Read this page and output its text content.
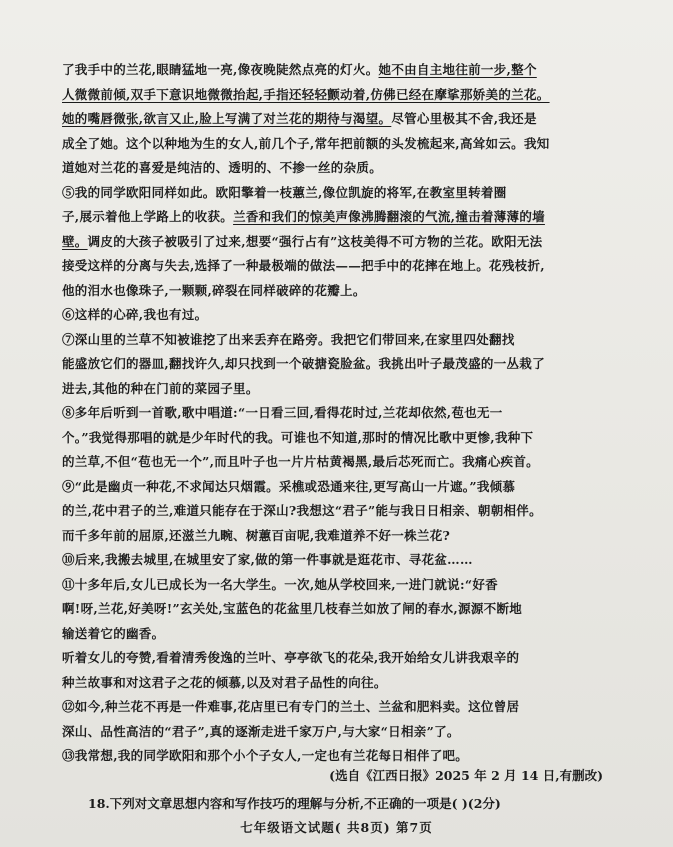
了我手中的兰花,眼睛猛地一亮,像夜晚陡然点亮的灯火。她不由自主地往前一步,整个
人微微前倾,双手下意识地微微抬起,手指还轻轻颤动着,仿佛已经在摩挲那娇美的兰花。
她的嘴唇微张,欲言又止,脸上写满了对兰花的期待与渴望。尽管心里极其不舍,我还是
成全了她。这个以种地为生的女人,前几个子,常年把前额的头发梳起来,高耸如云。我知
道她对兰花的喜爱是纯洁的、透明的、不掺一丝的杂质。
⑤我的同学欧阳同样如此。欧阳擎着一枝蕙兰,像位凯旋的将军,在教室里转着圈
子,展示着他上学路上的收获。兰香和我们的惊美声像沸腾翻滚的气流,撞击着薄薄的墙
壁。调皮的大孩子被吸引了过来,想要“强行占有”这枝美得不可方物的兰花。欧阳无法
接受这样的分离与失去,选择了一种最极端的做法——把手中的花摔在地上。花残枝折,
他的泪水也像珠子,一颗颗,碎裂在同样破碎的花瓣上。
⑥这样的心碎,我也有过。
⑦深山里的兰草不知被谁挖了出来丢弃在路旁。我把它们带回来,在家里四处翻找
能盛放它们的器皿,翻找许久,却只找到一个破搪瓷脸盆。我挑出叶子最茂盛的一丛栽了
进去,其他的种在门前的菜园子里。
⑧多年后听到一首歌,歌中唱道:“一日看三回,看得花时过,兰花却依然,苞也无一
个。”我觉得那唱的就是少年时代的我。可谁也不知道,那时的情况比歌中更惨,我种下
的兰草,不但“苞也无一个”,而且叶子也一片片枯黄褐黑,最后芯死而亡。我痛心疾首。
⑨“此是幽贞一种花,不求闻达只烟霞。采樵或恐通来往,更写高山一片遮。”我倾慕
的兰,花中君子的兰,难道只能存在于深山?我想这“君子”能与我日日相亲、朝朝相伴。
而千多年前的屈原,还滋兰九畹、树蕙百亩呢,我难道养不好一株兰花?
⑩后来,我搬去城里,在城里安了家,做的第一件事就是逛花市、寻花盆……
⑪十多年后,女儿已成长为一名大学生。一次,她从学校回来,一进门就说:“好香
啊!呀,兰花,好美呀!”玄关处,宝蓝色的花盆里几枝春兰如放了闸的春水,源源不断地
输送着它的幽香。
听着女儿的夸赞,看着清秀俊逸的兰叶、亭亭欲飞的花朵,我开始给女儿讲我艰辛的
种兰故事和对这君子之花的倾慕,以及对君子品性的向往。
⑫如今,种兰花不再是一件难事,花店里已有专门的兰土、兰盆和肥料卖。这位曾居
深山、品性高洁的“君子”,真的逐渐走进千家万户,与大家“日相亲”了。
⑬我常想,我的同学欧阳和那个小个子女人,一定也有兰花每日相伴了吧。
(选自《江西日报》2025 年 2 月 14 日,有删改)
18.下列对文章思想内容和写作技巧的理解与分析,不正确的一项是( )(2分)
七年级语文试题( 共8页) 第7页
